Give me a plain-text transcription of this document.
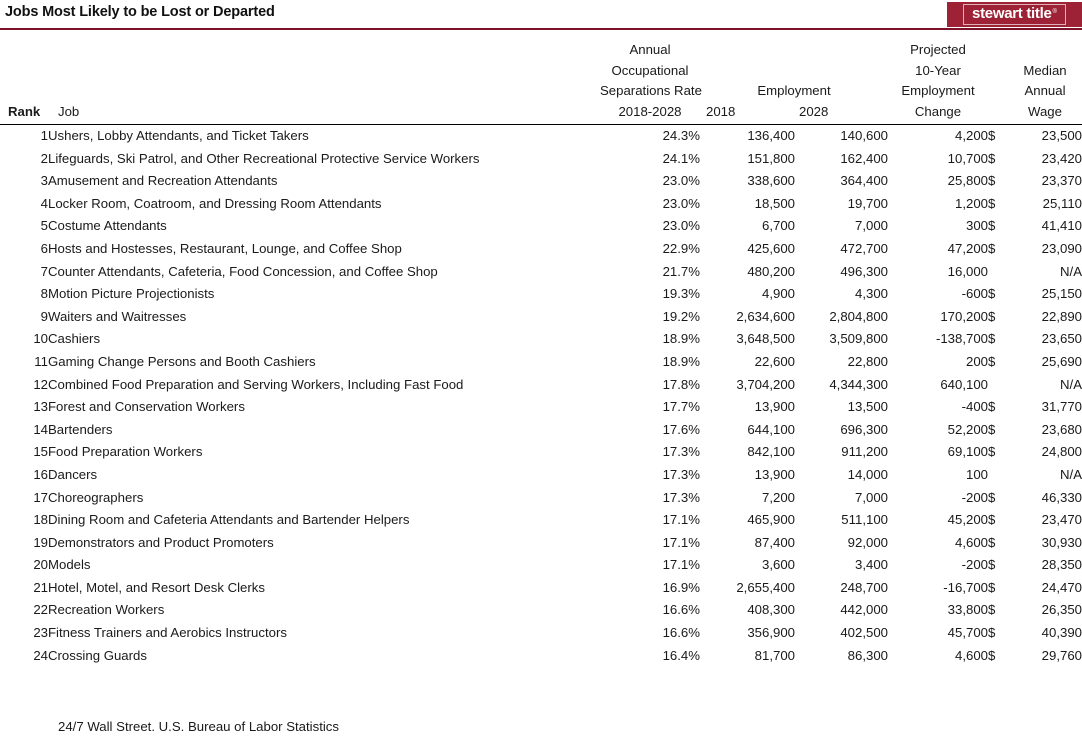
Jobs Most Likely to be Lost or Departed	stewart title ®
		Annual			Projected		
		Occupational			10-Year		Median
		Separations Rate	Employment		Employment		Annual
Rank	Job	2018-2028	2018	2028	Change		Wage

1	Ushers, Lobby Attendants, and Ticket Takers	24.3%	136,400	140,600	4,200	$	23,500
2	Lifeguards, Ski Patrol, and Other Recreational Protective Service Workers	24.1%	151,800	162,400	10,700	$	23,420
3	Amusement and Recreation Attendants	23.0%	338,600	364,400	25,800	$	23,370
4	Locker Room, Coatroom, and Dressing Room Attendants	23.0%	18,500	19,700	1,200	$	25,110
5	Costume Attendants	23.0%	6,700	7,000	300	$	41,410
6	Hosts and Hostesses, Restaurant, Lounge, and Coffee Shop	22.9%	425,600	472,700	47,200	$	23,090
7	Counter Attendants, Cafeteria, Food Concession, and Coffee Shop	21.7%	480,200	496,300	16,000		N/A
8	Motion Picture Projectionists	19.3%	4,900	4,300	-600	$	25,150
9	Waiters and Waitresses	19.2%	2,634,600	2,804,800	170,200	$	22,890
10	Cashiers	18.9%	3,648,500	3,509,800	-138,700	$	23,650
11	Gaming Change Persons and Booth Cashiers	18.9%	22,600	22,800	200	$	25,690
12	Combined Food Preparation and Serving Workers, Including Fast Food	17.8%	3,704,200	4,344,300	640,100		N/A
13	Forest and Conservation Workers	17.7%	13,900	13,500	-400	$	31,770
14	Bartenders	17.6%	644,100	696,300	52,200	$	23,680
15	Food Preparation Workers	17.3%	842,100	911,200	69,100	$	24,800
16	Dancers	17.3%	13,900	14,000	100		N/A
17	Choreographers	17.3%	7,200	7,000	-200	$	46,330
18	Dining Room and Cafeteria Attendants and Bartender Helpers	17.1%	465,900	511,100	45,200	$	23,470
19	Demonstrators and Product Promoters	17.1%	87,400	92,000	4,600	$	30,930
20	Models	17.1%	3,600	3,400	-200	$	28,350
21	Hotel, Motel, and Resort Desk Clerks	16.9%	2,655,400	248,700	-16,700	$	24,470
22	Recreation Workers	16.6%	408,300	442,000	33,800	$	26,350
23	Fitness Trainers and Aerobics Instructors	16.6%	356,900	402,500	45,700	$	40,390
24	Crossing Guards	16.4%	81,700	86,300	4,600	$	29,760
24/7 Wall Street. U.S. Bureau of Labor Statistics
